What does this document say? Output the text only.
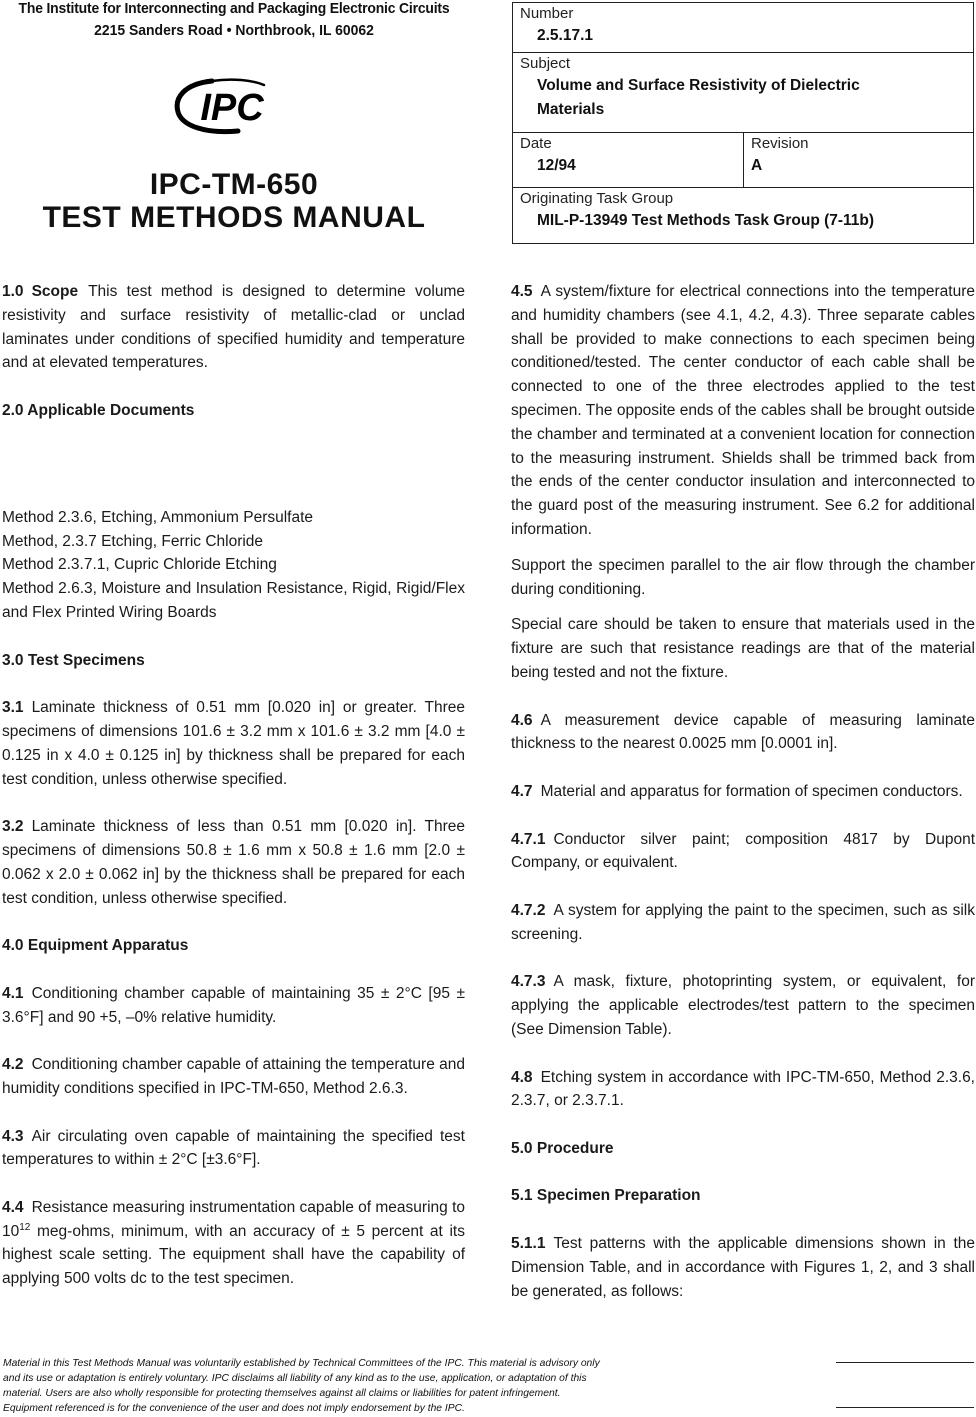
The Institute for Interconnecting and Packaging Electronic Circuits
2215 Sanders Road • Northbrook, IL 60062
IPC
IPC-TM-650
TEST METHODS MANUAL
Number
2.5.17.1
Subject
Volume and Surface Resistivity of Dielectric
Materials
Date
12/94
Revision
A
Originating Task Group
MIL-P-13949 Test Methods Task Group (7-11b)

1.0 Scope This test method is designed to determine volume resistivity and surface resistivity of metallic-clad or unclad laminates under conditions of specified humidity and temperature and at elevated temperatures.

2.0 Applicable Documents
Method 2.3.6, Etching, Ammonium Persulfate
Method, 2.3.7 Etching, Ferric Chloride
Method 2.3.7.1, Cupric Chloride Etching
Method 2.6.3, Moisture and Insulation Resistance, Rigid, Rigid/Flex and Flex Printed Wiring Boards
3.0 Test Specimens

3.1 Laminate thickness of 0.51 mm [0.020 in] or greater. Three specimens of dimensions 101.6 ± 3.2 mm x 101.6 ± 3.2 mm [4.0 ± 0.125 in x 4.0 ± 0.125 in] by thickness shall be prepared for each test condition, unless otherwise specified.

3.2 Laminate thickness of less than 0.51 mm [0.020 in]. Three specimens of dimensions 50.8 ± 1.6 mm x 50.8 ± 1.6 mm [2.0 ± 0.062 x 2.0 ± 0.062 in] by the thickness shall be prepared for each test condition, unless otherwise specified.

4.0 Equipment Apparatus

4.1 Conditioning chamber capable of maintaining 35 ± 2°C [95 ± 3.6°F] and 90 +5, –0% relative humidity.

4.2 Conditioning chamber capable of attaining the temperature and humidity conditions specified in IPC-TM-650, Method 2.6.3.

4.3 Air circulating oven capable of maintaining the specified test temperatures to within ± 2°C [±3.6°F].

4.4 Resistance measuring instrumentation capable of measuring to $10^{12}$ meg-ohms, minimum, with an accuracy of ± 5 percent at its highest scale setting. The equipment shall have the capability of applying 500 volts dc to the test specimen.

4.5 A system/fixture for electrical connections into the temperature and humidity chambers (see 4.1, 4.2, 4.3). Three separate cables shall be provided to make connections to each specimen being conditioned/tested. The center conductor of each cable shall be connected to one of the three electrodes applied to the test specimen. The opposite ends of the cables shall be brought outside the chamber and terminated at a convenient location for connection to the measuring instrument. Shields shall be trimmed back from the ends of the center conductor insulation and interconnected to the guard post of the measuring instrument. See 6.2 for additional information.

Support the specimen parallel to the air flow through the chamber during conditioning.

Special care should be taken to ensure that materials used in the fixture are such that resistance readings are that of the material being tested and not the fixture.

4.6 A measurement device capable of measuring laminate thickness to the nearest 0.0025 mm [0.0001 in].

4.7 Material and apparatus for formation of specimen conductors.

4.7.1 Conductor silver paint; composition 4817 by Dupont Company, or equivalent.

4.7.2 A system for applying the paint to the specimen, such as silk screening.

4.7.3 A mask, fixture, photoprinting system, or equivalent, for applying the applicable electrodes/test pattern to the specimen (See Dimension Table).

4.8 Etching system in accordance with IPC-TM-650, Method 2.3.6, 2.3.7, or 2.3.7.1.

5.0 Procedure
5.1 Specimen Preparation

5.1.1 Test patterns with the applicable dimensions shown in the Dimension Table, and in accordance with Figures 1, 2, and 3 shall be generated, as follows:

Material in this Test Methods Manual was voluntarily established by Technical Committees of the IPC. This material is advisory only
and its use or adaptation is entirely voluntary. IPC disclaims all liability of any kind as to the use, application, or adaptation of this
material. Users are also wholly responsible for protecting themselves against all claims or liabilities for patent infringement.
Equipment referenced is for the convenience of the user and does not imply endorsement by the IPC.
